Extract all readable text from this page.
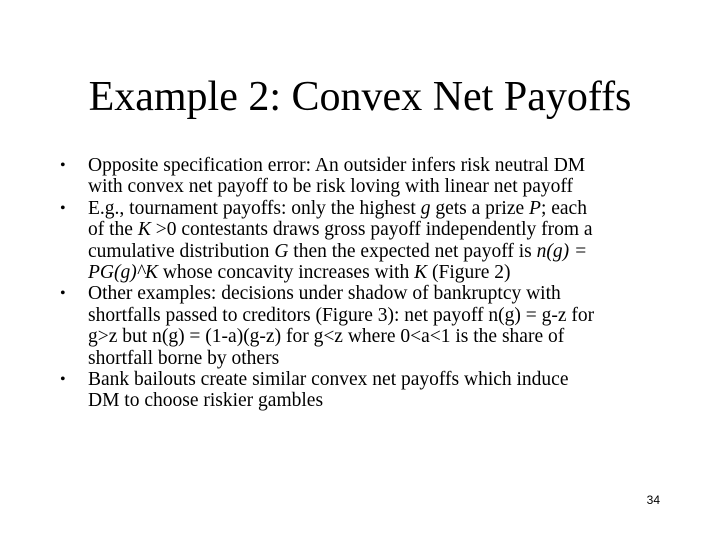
Example 2: Convex Net Payoffs
• Opposite specification error: An outsider infers risk neutral DM
with convex net payoff to be risk loving with linear net payoff
• E.g., tournament payoffs: only the highest g gets a prize P; each
of the K >0 contestants draws gross payoff independently from a
cumulative distribution G then the expected net payoff is n(g) =
PG(g)^K whose concavity increases with K (Figure 2)
• Other examples: decisions under shadow of bankruptcy with
shortfalls passed to creditors (Figure 3): net payoff n(g) = g-z for
g>z but n(g) = (1-a)(g-z) for g<z where 0<a<1 is the share of
shortfall borne by others
• Bank bailouts create similar convex net payoffs which induce
DM to choose riskier gambles
34
